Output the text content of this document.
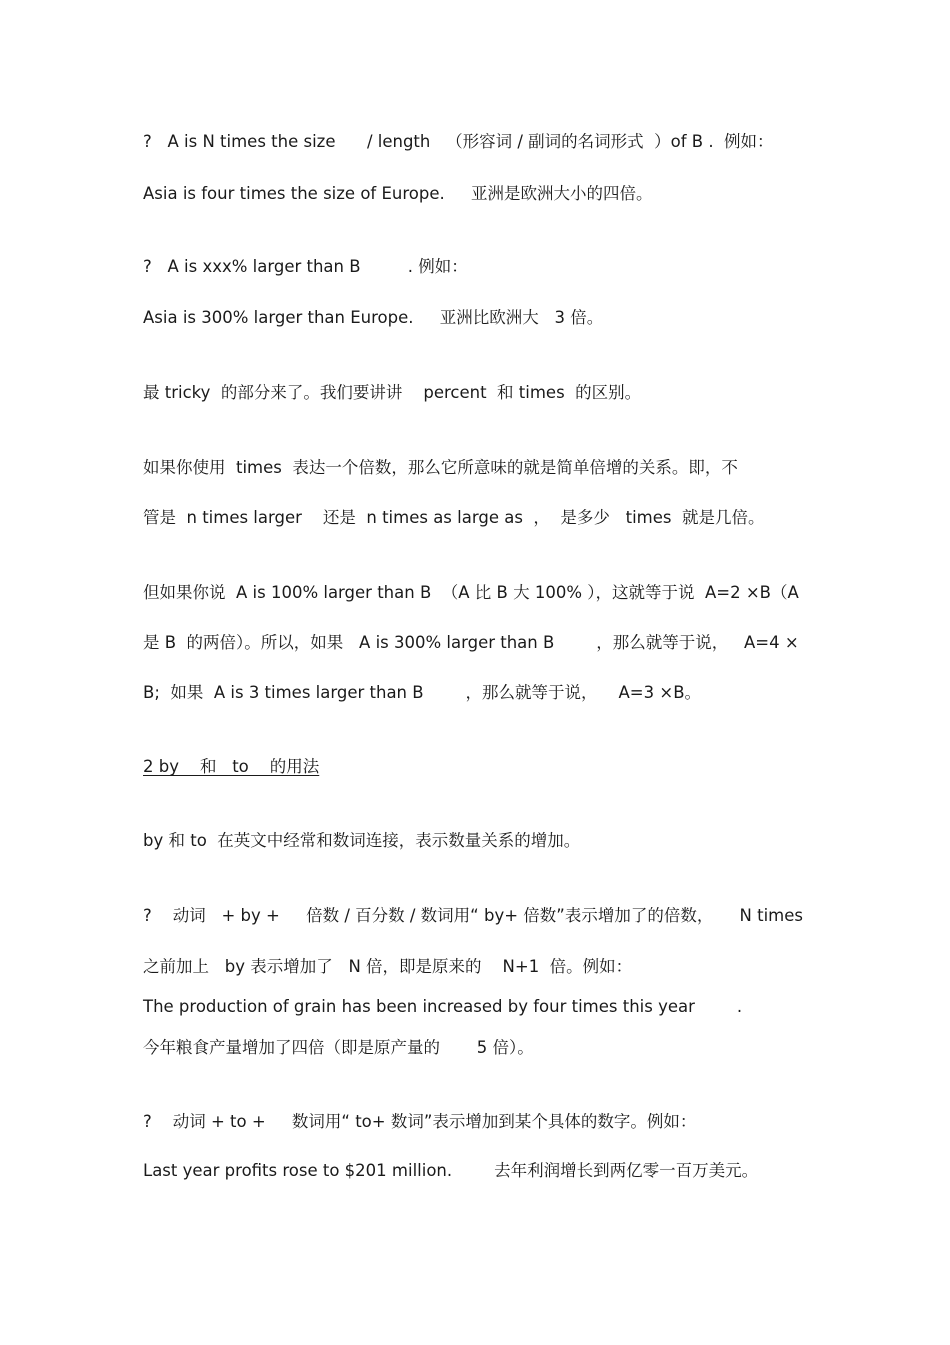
?   A is N times the size      / length   （形容词 / 副词的名词形式  ）of B .  例如：

Asia is four times the size of Europe.     亚洲是欧洲大小的四倍。

?   A is xxx% larger than B         . 例如：

Asia is 300% larger than Europe.     亚洲比欧洲大   3 倍。

最 tricky  的部分来了。我们要讲讲    percent  和 times  的区别。

如果你使用  times  表达一个倍数，那么它所意味的就是简单倍增的关系。即，不

管是  n times larger    还是  n times as large as  ，  是多少   times  就是几倍。

但如果你说  A is 100% larger than B  （A 比 B 大 100% ），这就等于说  A=2 ×B（A

是 B  的两倍）。所以，如果   A is 300% larger than B        ，那么就等于说，   A=4 ×

B;  如果  A is 3 times larger than B        ，那么就等于说，    A=3 ×B。

2 by    和   to    的用法

by 和 to  在英文中经常和数词连接，表示数量关系的增加。

?    动词   + by +     倍数 / 百分数 / 数词用“ by+ 倍数”表示增加了的倍数，     N times

之前加上   by 表示增加了   N 倍，即是原来的    N+1  倍。例如：

The production of grain has been increased by four times this year        .

今年粮食产量增加了四倍（即是原产量的       5 倍）。

?    动词 + to +     数词用“ to+ 数词”表示增加到某个具体的数字。例如：

Last year profits rose to $201 million.        去年利润增长到两亿零一百万美元。
